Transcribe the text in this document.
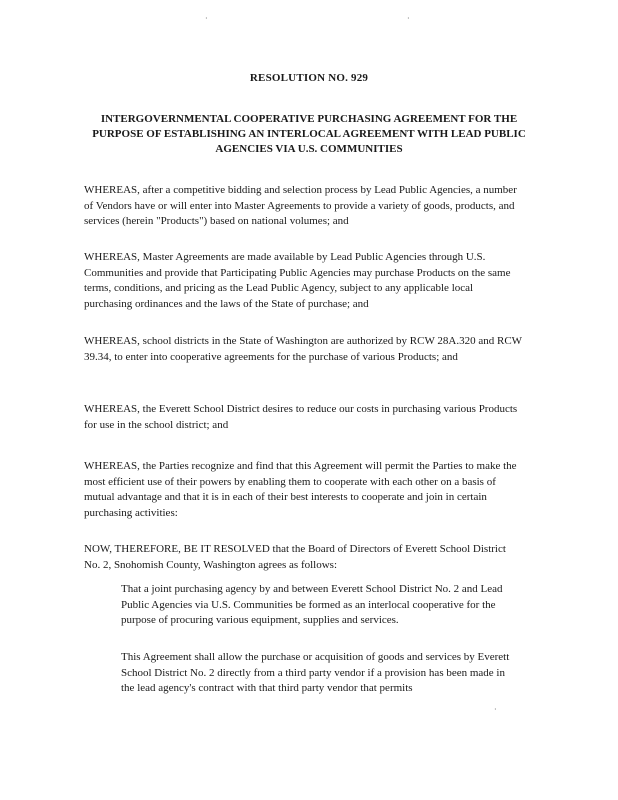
·	·
RESOLUTION NO. 929

INTERGOVERNMENTAL COOPERATIVE PURCHASING AGREEMENT FOR THE PURPOSE OF ESTABLISHING AN INTERLOCAL AGREEMENT WITH LEAD PUBLIC AGENCIES VIA U.S. COMMUNITIES

WHEREAS, after a competitive bidding and selection process by Lead Public Agencies, a number of Vendors have or will enter into Master Agreements to provide a variety of goods, products, and services (herein "Products") based on national volumes; and

WHEREAS, Master Agreements are made available by Lead Public Agencies through U.S. Communities and provide that Participating Public Agencies may purchase Products on the same terms, conditions, and pricing as the Lead Public Agency, subject to any applicable local purchasing ordinances and the laws of the State of purchase; and

WHEREAS, school districts in the State of Washington are authorized by RCW 28A.320 and RCW 39.34, to enter into cooperative agreements for the purchase of various Products; and

WHEREAS, the Everett School District desires to reduce our costs in purchasing various Products for use in the school district; and

WHEREAS, the Parties recognize and find that this Agreement will permit the Parties to make the most efficient use of their powers by enabling them to cooperate with each other on a basis of mutual advantage and that it is in each of their best interests to cooperate and join in certain purchasing activities:

NOW, THEREFORE, BE IT RESOLVED that the Board of Directors of Everett School District No. 2, Snohomish County, Washington agrees as follows:

That a joint purchasing agency by and between Everett School District No. 2 and Lead Public Agencies via U.S. Communities be formed as an interlocal cooperative for the purpose of procuring various equipment, supplies and services.

This Agreement shall allow the purchase or acquisition of goods and services by Everett School District No. 2 directly from a third party vendor if a provision has been made in the lead agency's contract with that third party vendor that permits

·
